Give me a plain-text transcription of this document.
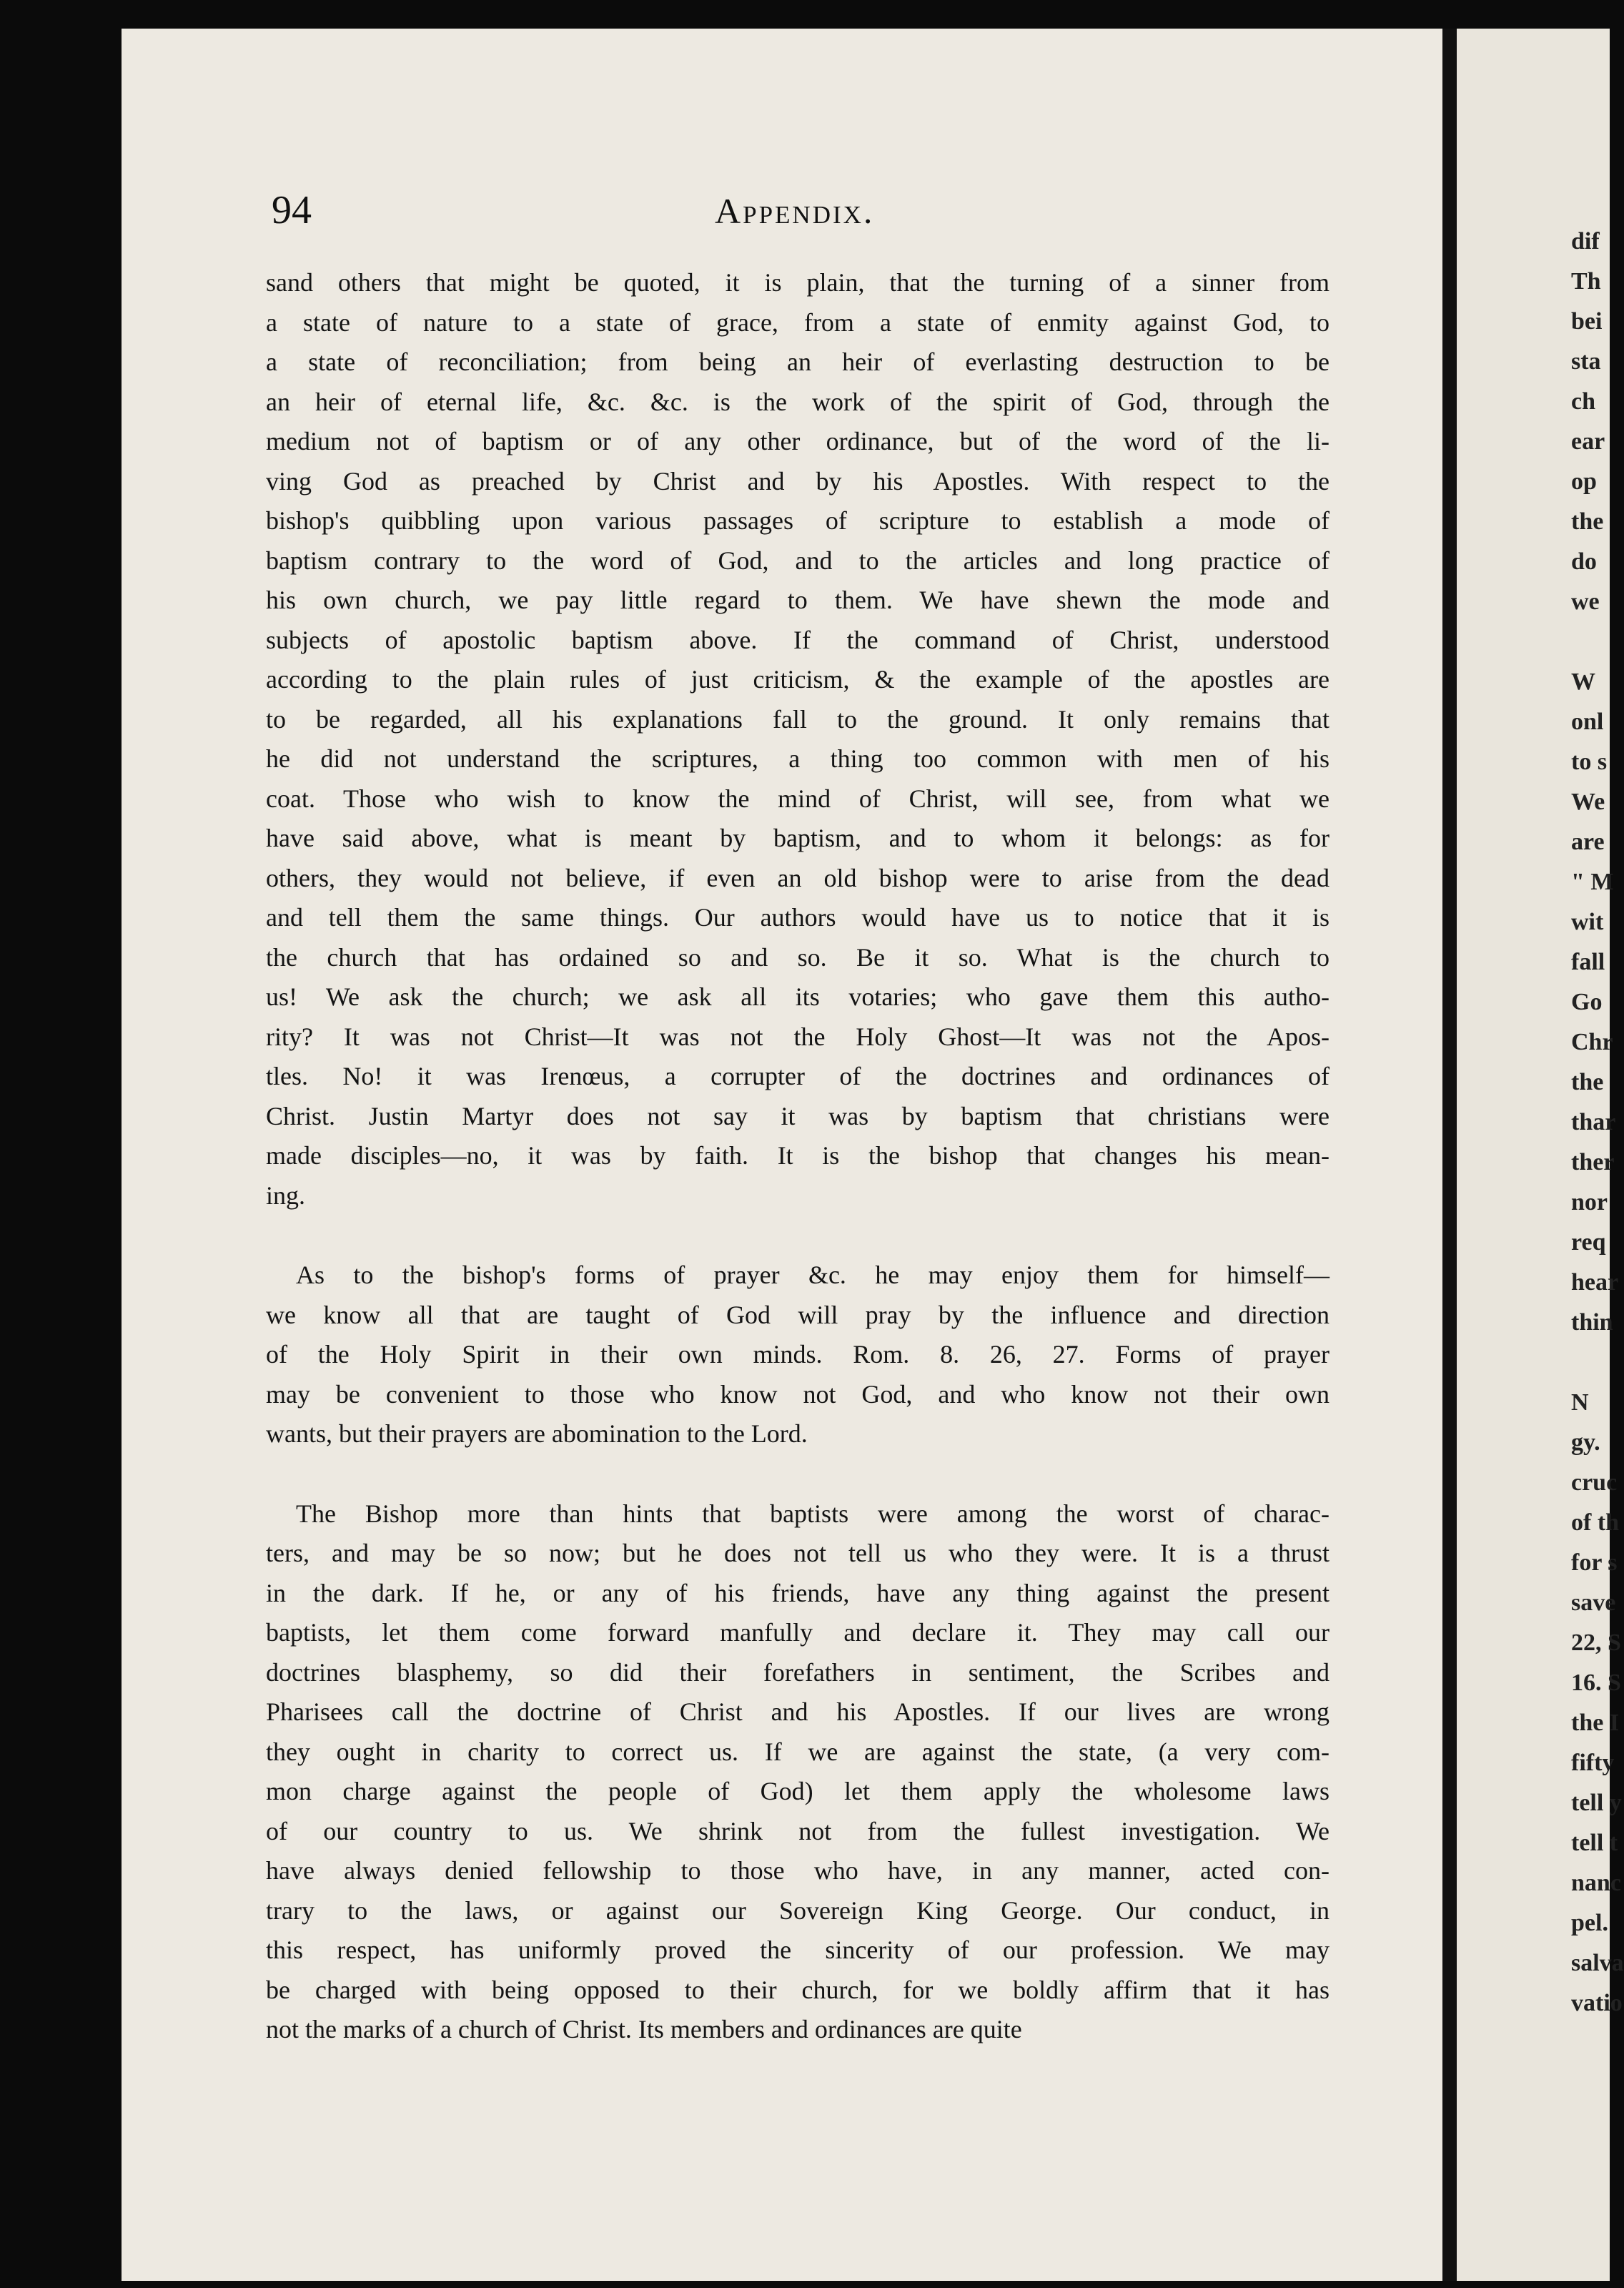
dif
Th
bei
sta
ch
ear
op
the
do
we
W
onl
to s
We
are
" M
wit
fall
Go
Chr
the
thar
ther
nor
req
hear
thin
N
gy.
cruc
of th
for s
save
22, S
16. S
the I
fifty
tell y
tell t
nanc
pel.
salva
vatio
94	Appendix.
sand others that might be quoted, it is plain, that the turning of a sinner from
a state of nature to a state of grace, from a state of enmity against God, to
a state of reconciliation; from being an heir of everlasting destruction to be
an heir of eternal life, &c. &c. is the work of the spirit of God, through the
medium not of baptism or of any other ordinance, but of the word of the li-
ving God as preached by Christ and by his Apostles. With respect to the
bishop's quibbling upon various passages of scripture to establish a mode of
baptism contrary to the word of God, and to the articles and long practice of
his own church, we pay little regard to them. We have shewn the mode and
subjects of apostolic baptism above. If the command of Christ, understood
according to the plain rules of just criticism, & the example of the apostles are
to be regarded, all his explanations fall to the ground. It only remains that
he did not understand the scriptures, a thing too common with men of his
coat. Those who wish to know the mind of Christ, will see, from what we
have said above, what is meant by baptism, and to whom it belongs: as for
others, they would not believe, if even an old bishop were to arise from the dead
and tell them the same things. Our authors would have us to notice that it is
the church that has ordained so and so. Be it so. What is the church to
us! We ask the church; we ask all its votaries; who gave them this autho-
rity? It was not Christ—It was not the Holy Ghost—It was not the Apos-
tles. No! it was Irenœus, a corrupter of the doctrines and ordinances of
Christ. Justin Martyr does not say it was by baptism that christians were
made disciples—no, it was by faith. It is the bishop that changes his mean-
ing.
As to the bishop's forms of prayer &c. he may enjoy them for himself—
we know all that are taught of God will pray by the influence and direction
of the Holy Spirit in their own minds. Rom. 8. 26, 27. Forms of prayer
may be convenient to those who know not God, and who know not their own
wants, but their prayers are abomination to the Lord.
The Bishop more than hints that baptists were among the worst of charac-
ters, and may be so now; but he does not tell us who they were. It is a thrust
in the dark. If he, or any of his friends, have any thing against the present
baptists, let them come forward manfully and declare it. They may call our
doctrines blasphemy, so did their forefathers in sentiment, the Scribes and
Pharisees call the doctrine of Christ and his Apostles. If our lives are wrong
they ought in charity to correct us. If we are against the state, (a very com-
mon charge against the people of God) let them apply the wholesome laws
of our country to us. We shrink not from the fullest investigation. We
have always denied fellowship to those who have, in any manner, acted con-
trary to the laws, or against our Sovereign King George. Our conduct, in
this respect, has uniformly proved the sincerity of our profession. We may
be charged with being opposed to their church, for we boldly affirm that it has
not the marks of a church of Christ. Its members and ordinances are quite
